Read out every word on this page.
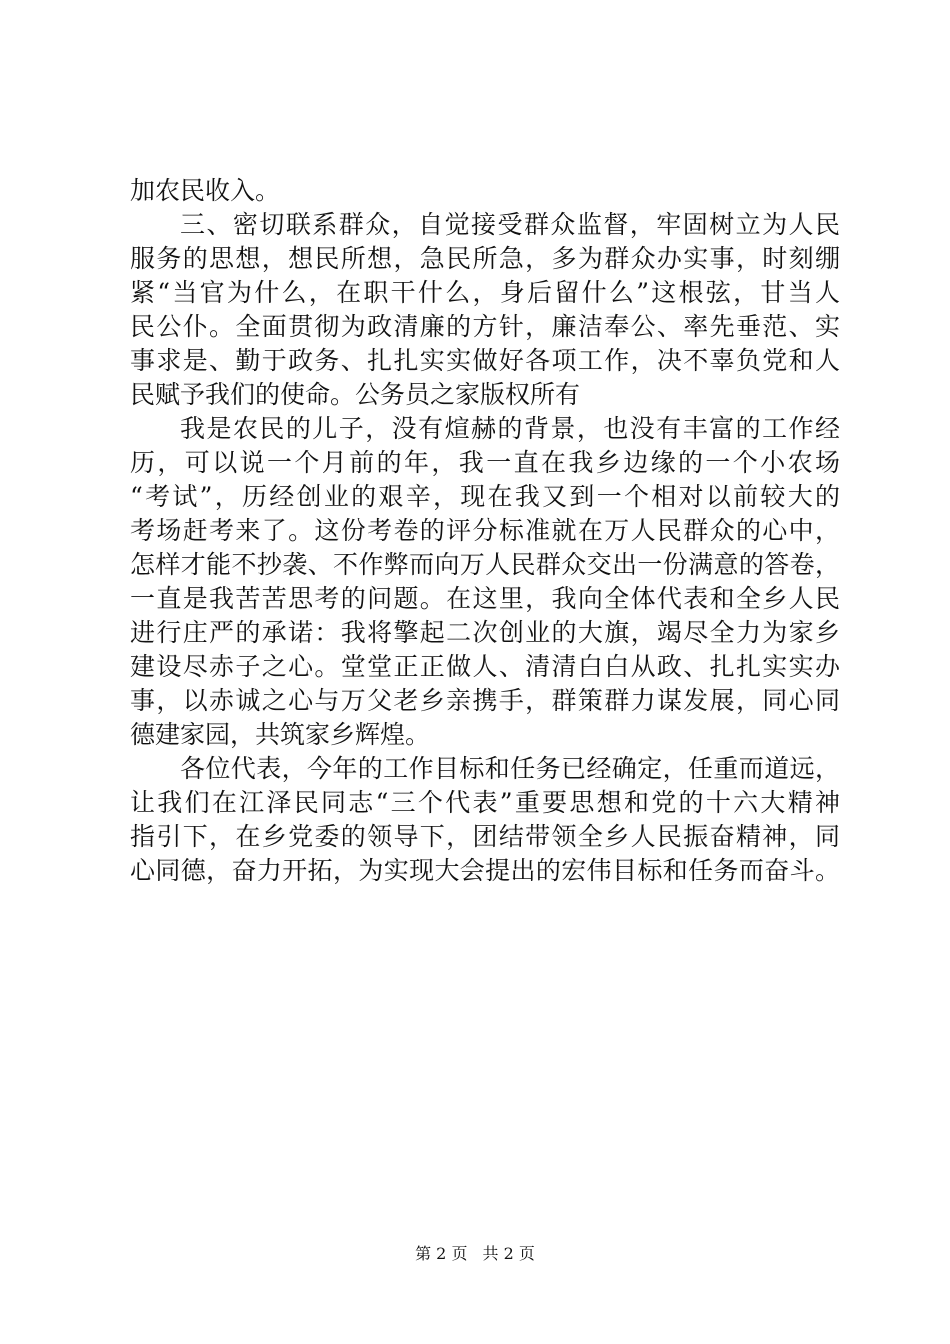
加农民收入。
三、密切联系群众，自觉接受群众监督，牢固树立为人民
服务的思想，想民所想，急民所急，多为群众办实事，时刻绷
紧“当官为什么，在职干什么，身后留什么”这根弦，甘当人
民公仆。全面贯彻为政清廉的方针，廉洁奉公、率先垂范、实
事求是、勤于政务、扎扎实实做好各项工作，决不辜负党和人
民赋予我们的使命。公务员之家版权所有
我是农民的儿子，没有煊赫的背景，也没有丰富的工作经
历，可以说一个月前的年，我一直在我乡边缘的一个小农场
“考试”，历经创业的艰辛，现在我又到一个相对以前较大的
考场赶考来了。这份考卷的评分标准就在万人民群众的心中，
怎样才能不抄袭、不作弊而向万人民群众交出一份满意的答卷，
一直是我苦苦思考的问题。在这里，我向全体代表和全乡人民
进行庄严的承诺：我将擎起二次创业的大旗，竭尽全力为家乡
建设尽赤子之心。堂堂正正做人、清清白白从政、扎扎实实办
事，以赤诚之心与万父老乡亲携手，群策群力谋发展，同心同
德建家园，共筑家乡辉煌。
各位代表，今年的工作目标和任务已经确定，任重而道远，
让我们在江泽民同志“三个代表”重要思想和党的十六大精神
指引下，在乡党委的领导下，团结带领全乡人民振奋精神，同
心同德，奋力开拓，为实现大会提出的宏伟目标和任务而奋斗。
第 2 页 共 2 页
